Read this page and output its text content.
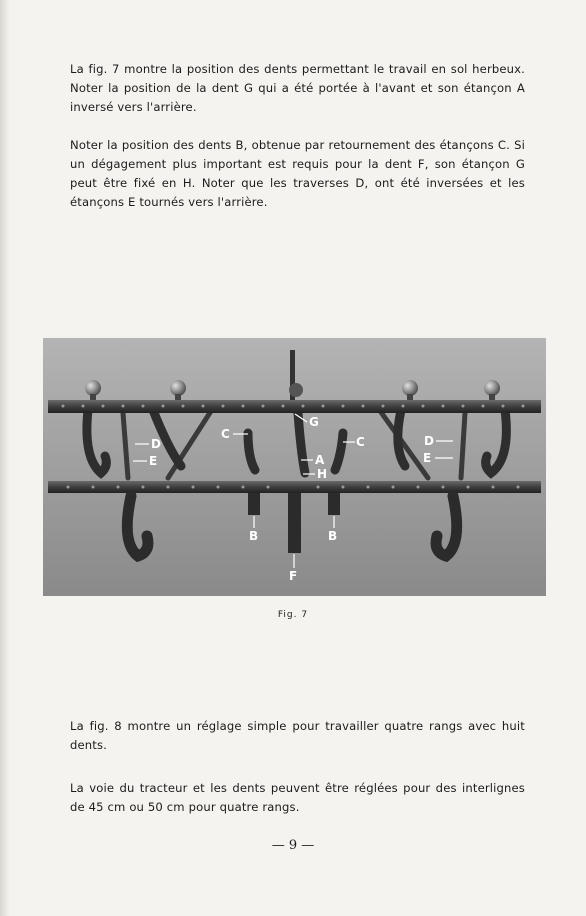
La fig. 7 montre la position des dents permettant le travail en sol herbeux. Noter la position de la dent G qui a été portée à l'avant et son étançon A inversé vers l'arrière.

Noter la position des dents B, obtenue par retournement des étançons C. Si un dégagement plus important est requis pour la dent F, son étançon G peut être fixé en H. Noter que les traverses D, ont été inversées et les étançons E tournés vers l'arrière.

G
C
C
D
E
D
E
A
H
B	B
F
Fig. 7

La fig. 8 montre un réglage simple pour travailler quatre rangs avec huit dents.

La voie du tracteur et les dents peuvent être réglées pour des interlignes de 45 cm ou 50 cm pour quatre rangs.

— 9 —
